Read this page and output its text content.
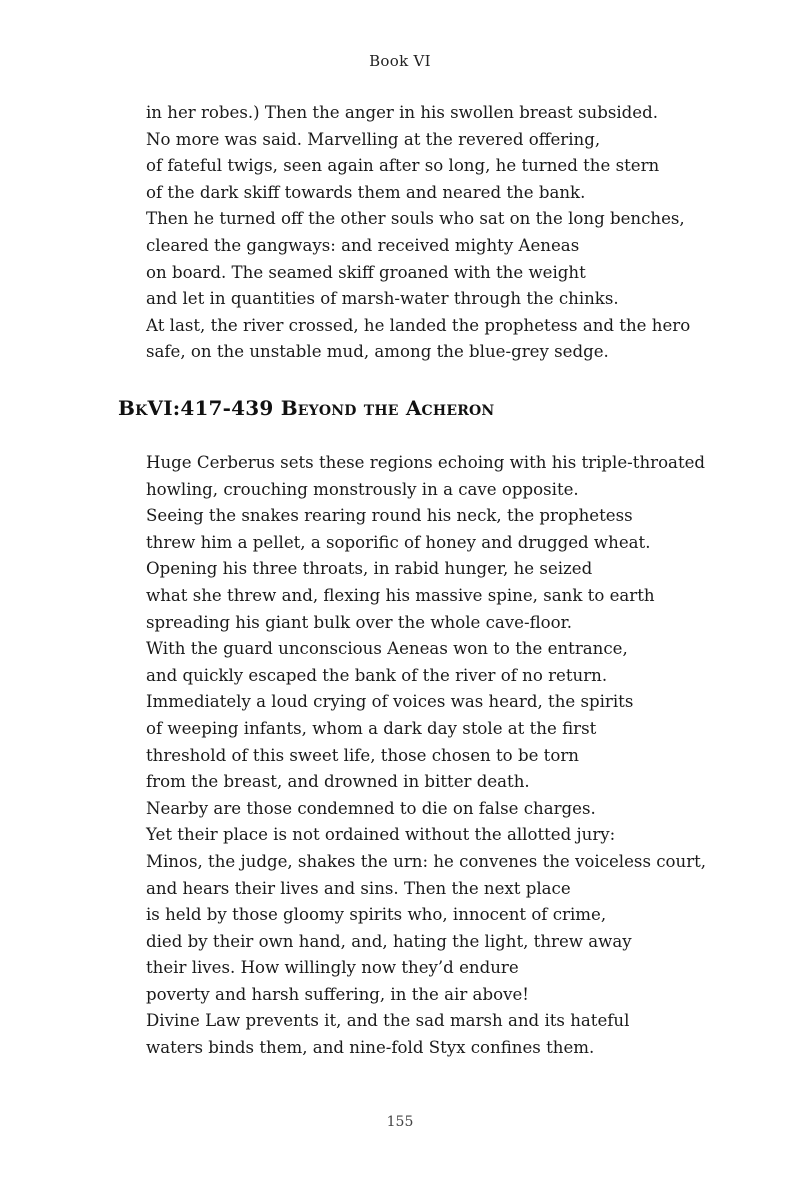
Book VI
in her robes.) Then the anger in his swollen breast subsided.
No more was said. Marvelling at the revered offering,
of fateful twigs, seen again after so long, he turned the stern
of the dark skiff towards them and neared the bank.
Then he turned off the other souls who sat on the long benches,
cleared the gangways: and received mighty Aeneas
on board. The seamed skiff groaned with the weight
and let in quantities of marsh-water through the chinks.
At last, the river crossed, he landed the prophetess and the hero
safe, on the unstable mud, among the blue-grey sedge.
BkVI:417-439 Beyond the Acheron
Huge Cerberus sets these regions echoing with his triple-throated
howling, crouching monstrously in a cave opposite.
Seeing the snakes rearing round his neck, the prophetess
threw him a pellet, a soporific of honey and drugged wheat.
Opening his three throats, in rabid hunger, he seized
what she threw and, flexing his massive spine, sank to earth
spreading his giant bulk over the whole cave-floor.
With the guard unconscious Aeneas won to the entrance,
and quickly escaped the bank of the river of no return.
Immediately a loud crying of voices was heard, the spirits
of weeping infants, whom a dark day stole at the first
threshold of this sweet life, those chosen to be torn
from the breast, and drowned in bitter death.
Nearby are those condemned to die on false charges.
Yet their place is not ordained without the allotted jury:
Minos, the judge, shakes the urn: he convenes the voiceless court,
and hears their lives and sins. Then the next place
is held by those gloomy spirits who, innocent of crime,
died by their own hand, and, hating the light, threw away
their lives. How willingly now they’d endure
poverty and harsh suffering, in the air above!
Divine Law prevents it, and the sad marsh and its hateful
waters binds them, and nine-fold Styx confines them.
155
